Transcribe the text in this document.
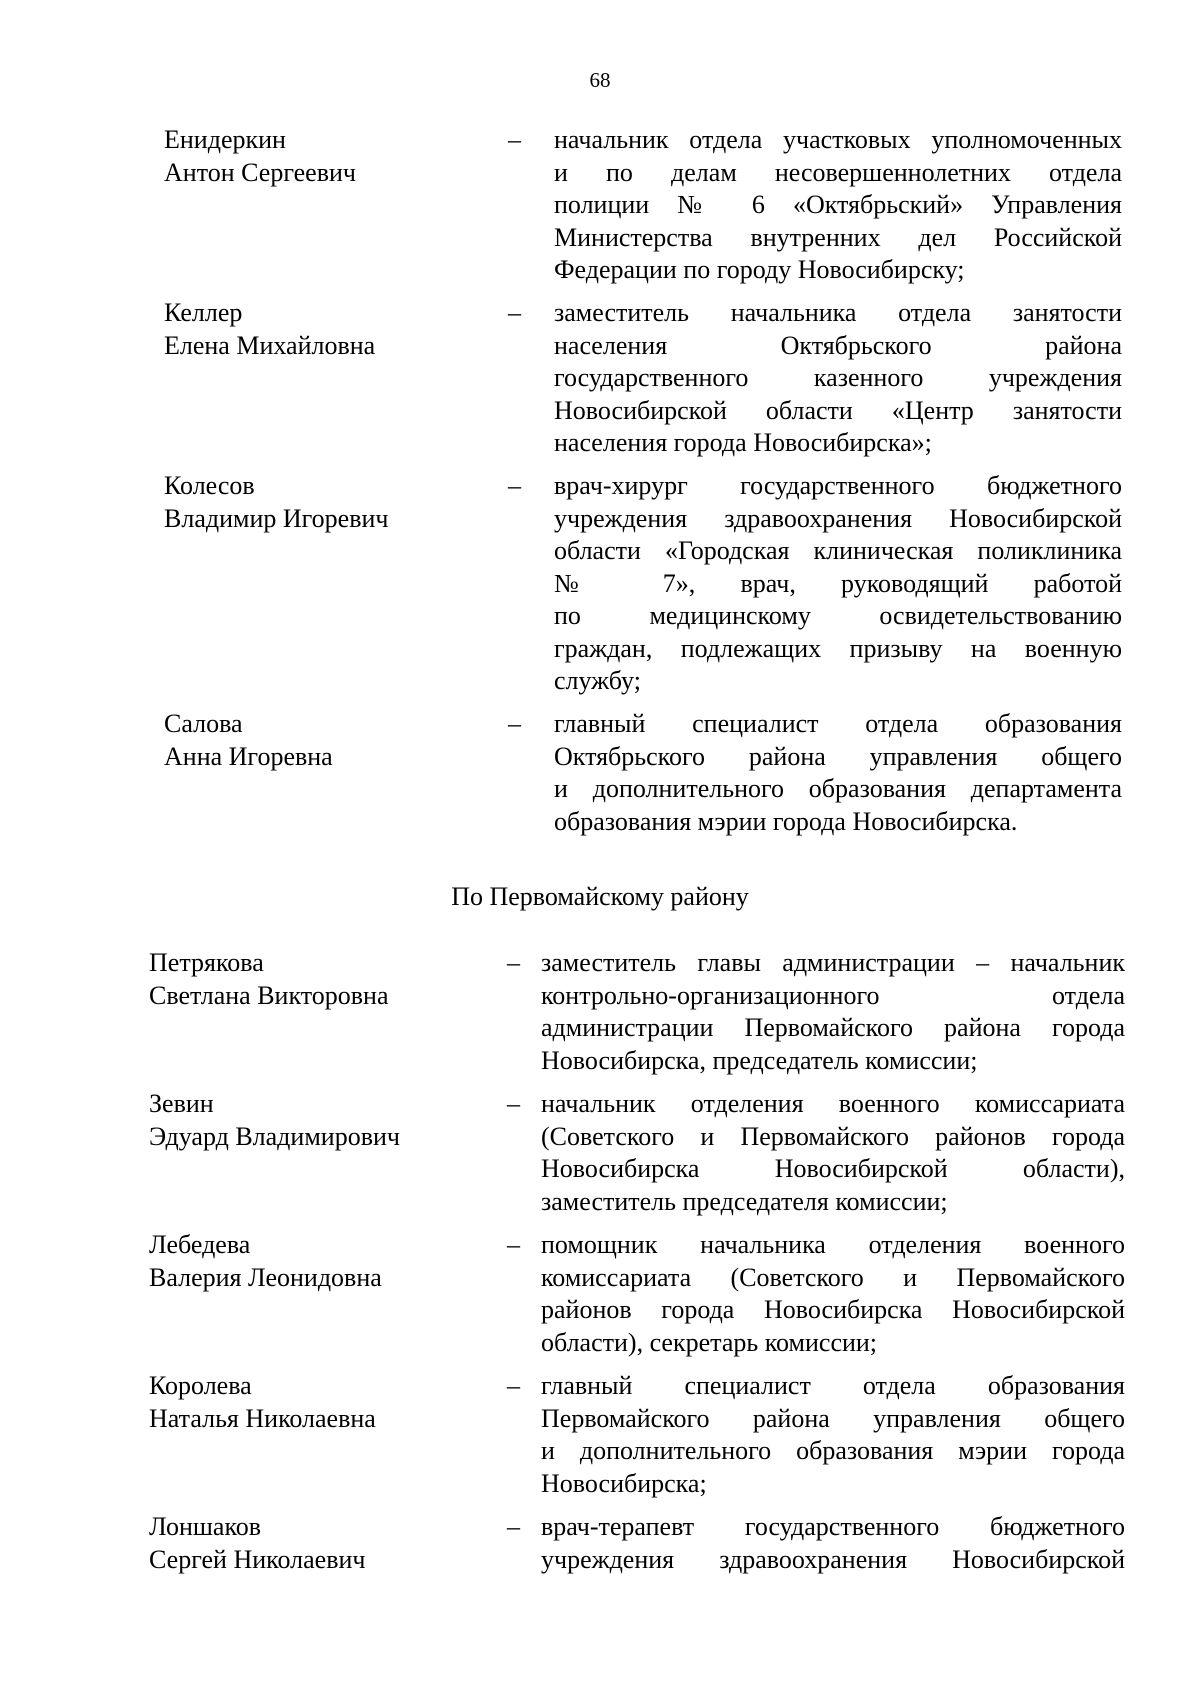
68
Енидеркин
Антон Сергеевич
– начальник отдела участковых уполномоченных
и по делам несовершеннолетних отдела
полиции № 6 «Октябрьский» Управления
Министерства внутренних дел Российской
Федерации по городу Новосибирску;
Келлер
Елена Михайловна
– заместитель начальника отдела занятости
населения Октябрьского района
государственного казенного учреждения
Новосибирской области «Центр занятости
населения города Новосибирска»;
Колесов
Владимир Игоревич
– врач-хирург государственного бюджетного
учреждения здравоохранения Новосибирской
области «Городская клиническая поликлиника
№ 7», врач, руководящий работой
по медицинскому освидетельствованию
граждан, подлежащих призыву на военную
службу;
Салова
Анна Игоревна
– главный специалист отдела образования
Октябрьского района управления общего
и дополнительного образования департамента
образования мэрии города Новосибирска.
По Первомайскому району
Петрякова
Светлана Викторовна
– заместитель главы администрации – начальник
контрольно-организационного отдела
администрации Первомайского района города
Новосибирска, председатель комиссии;
Зевин
Эдуард Владимирович
– начальник отделения военного комиссариата
(Советского и Первомайского районов города
Новосибирска Новосибирской области),
заместитель председателя комиссии;
Лебедева
Валерия Леонидовна
– помощник начальника отделения военного
комиссариата (Советского и Первомайского
районов города Новосибирска Новосибирской
области), секретарь комиссии;
Королева
Наталья Николаевна
– главный специалист отдела образования
Первомайского района управления общего
и дополнительного образования мэрии города
Новосибирска;
Лоншаков
Сергей Николаевич
– врач-терапевт государственного бюджетного
учреждения здравоохранения Новосибирской
